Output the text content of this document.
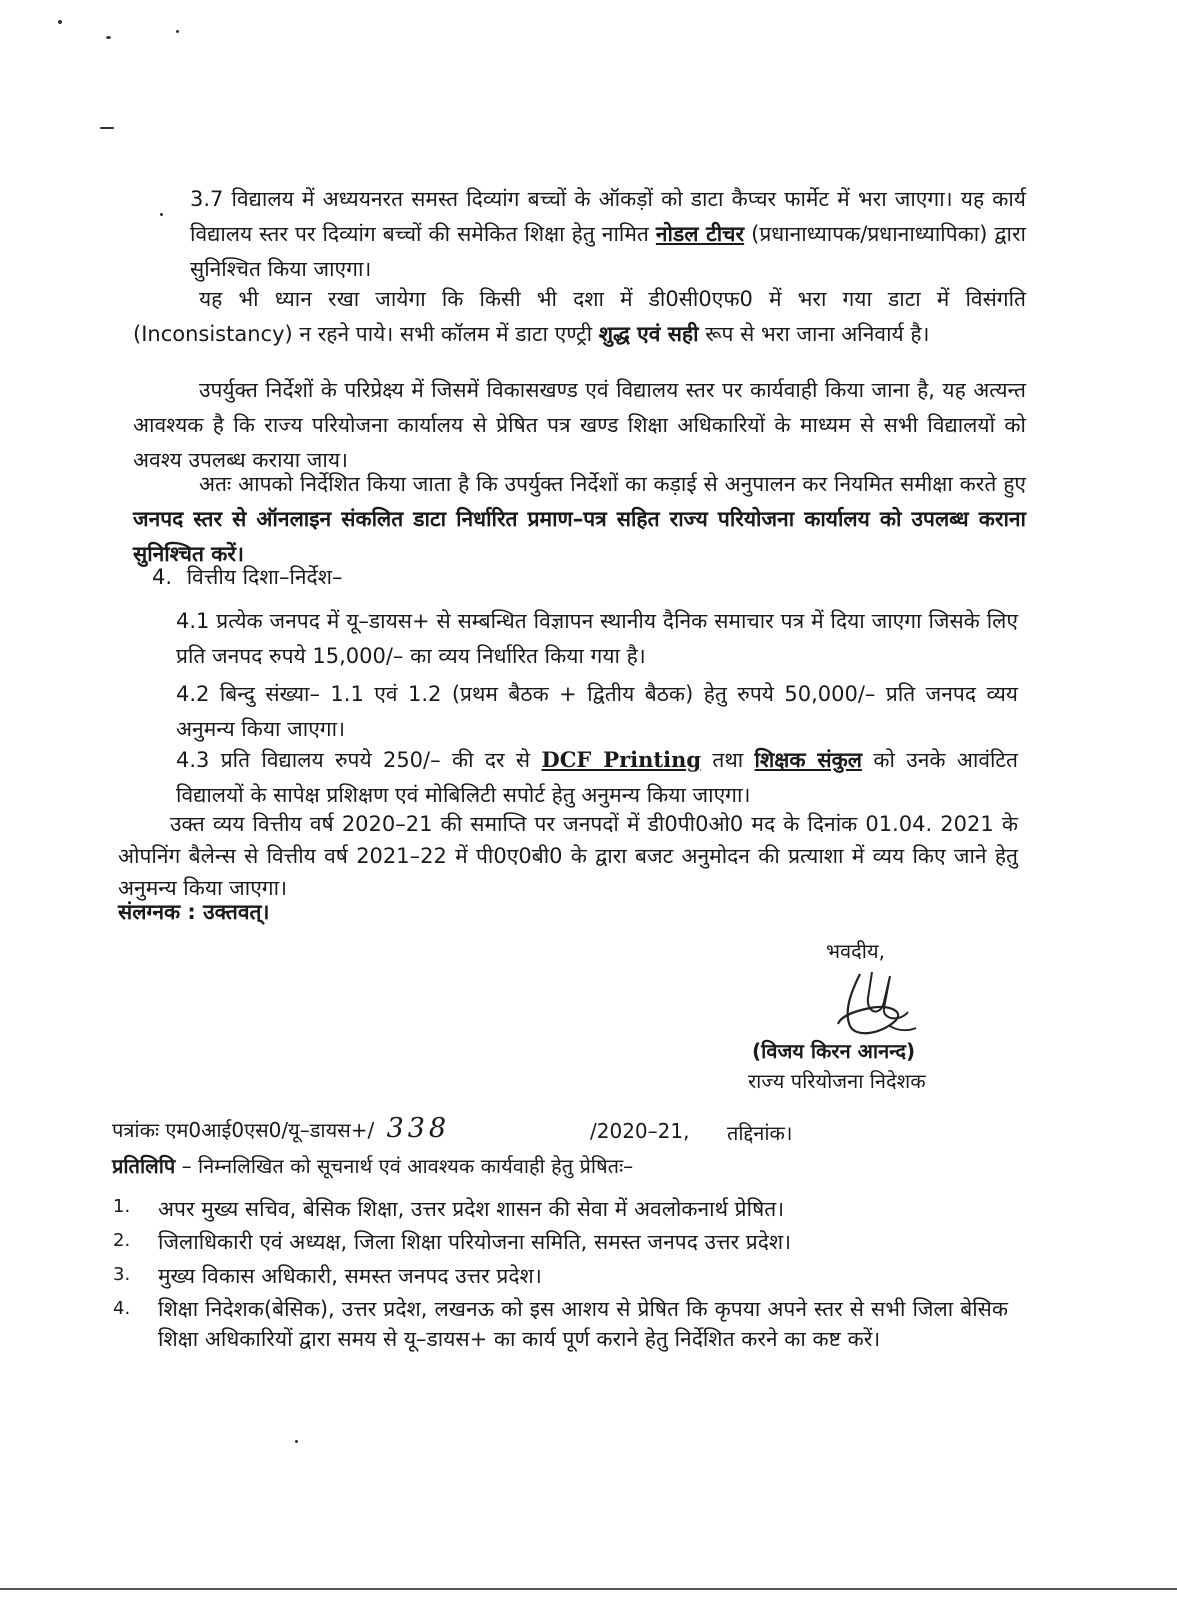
3.7 विद्यालय में अध्ययनरत समस्त दिव्यांग बच्चों के ऑकड़ों को डाटा कैप्चर फार्मेट में भरा जाएगा। यह कार्य विद्यालय स्तर पर दिव्यांग बच्चों की समेकित शिक्षा हेतु नामित नोडल टीचर (प्रधानाध्यापक/प्रधानाध्यापिका) द्वारा सुनिश्चित किया जाएगा।

यह भी ध्यान रखा जायेगा कि किसी भी दशा में डी0सी0एफ0 में भरा गया डाटा में विसंगति (Inconsistancy) न रहने पाये। सभी कॉलम में डाटा एण्ट्री शुद्ध एवं सही रूप से भरा जाना अनिवार्य है।

उपर्युक्त निर्देशों के परिप्रेक्ष्य में जिसमें विकासखण्ड एवं विद्यालय स्तर पर कार्यवाही किया जाना है, यह अत्यन्त आवश्यक है कि राज्य परियोजना कार्यालय से प्रेषित पत्र खण्ड शिक्षा अधिकारियों के माध्यम से सभी विद्यालयों को अवश्य उपलब्ध कराया जाय।

अतः आपको निर्देशित किया जाता है कि उपर्युक्त निर्देशों का कड़ाई से अनुपालन कर नियमित समीक्षा करते हुए जनपद स्तर से ऑनलाइन संकलित डाटा निर्धारित प्रमाण–पत्र सहित राज्य परियोजना कार्यालय को उपलब्ध कराना सुनिश्चित करें।

4. वित्तीय दिशा–निर्देश–

4.1 प्रत्येक जनपद में यू–डायस+ से सम्बन्धित विज्ञापन स्थानीय दैनिक समाचार पत्र में दिया जाएगा जिसके लिए प्रति जनपद रुपये 15,000/– का व्यय निर्धारित किया गया है।

4.2 बिन्दु संख्या– 1.1 एवं 1.2 (प्रथम बैठक + द्वितीय बैठक) हेतु रुपये 50,000/– प्रति जनपद व्यय अनुमन्य किया जाएगा।

4.3 प्रति विद्यालय रुपये 250/– की दर से DCF Printing तथा शिक्षक संकुल को उनके आवंटित विद्यालयों के सापेक्ष प्रशिक्षण एवं मोबिलिटी सपोर्ट हेतु अनुमन्य किया जाएगा।

उक्त व्यय वित्तीय वर्ष 2020–21 की समाप्ति पर जनपदों में डी0पी0ओ0 मद के दिनांक 01.04. 2021 के ओपनिंग बैलेन्स से वित्तीय वर्ष 2021–22 में पी0ए0बी0 के द्वारा बजट अनुमोदन की प्रत्याशा में व्यय किए जाने हेतु अनुमन्य किया जाएगा।

संलग्नक : उक्तवत्।
भवदीय,
(विजय किरन आनन्द)
राज्य परियोजना निदेशक
पत्रांकः एम0आई0एस0/यू–डायस+/ 338	/2020–21, तद्दिनांक।
प्रतिलिपि – निम्नलिखित को सूचनार्थ एवं आवश्यक कार्यवाही हेतु प्रेषितः–
1. अपर मुख्य सचिव, बेसिक शिक्षा, उत्तर प्रदेश शासन की सेवा में अवलोकनार्थ प्रेषित।
2. जिलाधिकारी एवं अध्यक्ष, जिला शिक्षा परियोजना समिति, समस्त जनपद उत्तर प्रदेश।
3. मुख्य विकास अधिकारी, समस्त जनपद उत्तर प्रदेश।
4. शिक्षा निदेशक(बेसिक), उत्तर प्रदेश, लखनऊ को इस आशय से प्रेषित कि कृपया अपने स्तर से सभी जिला बेसिक शिक्षा अधिकारियों द्वारा समय से यू–डायस+ का कार्य पूर्ण कराने हेतु निर्देशित करने का कष्ट करें।
